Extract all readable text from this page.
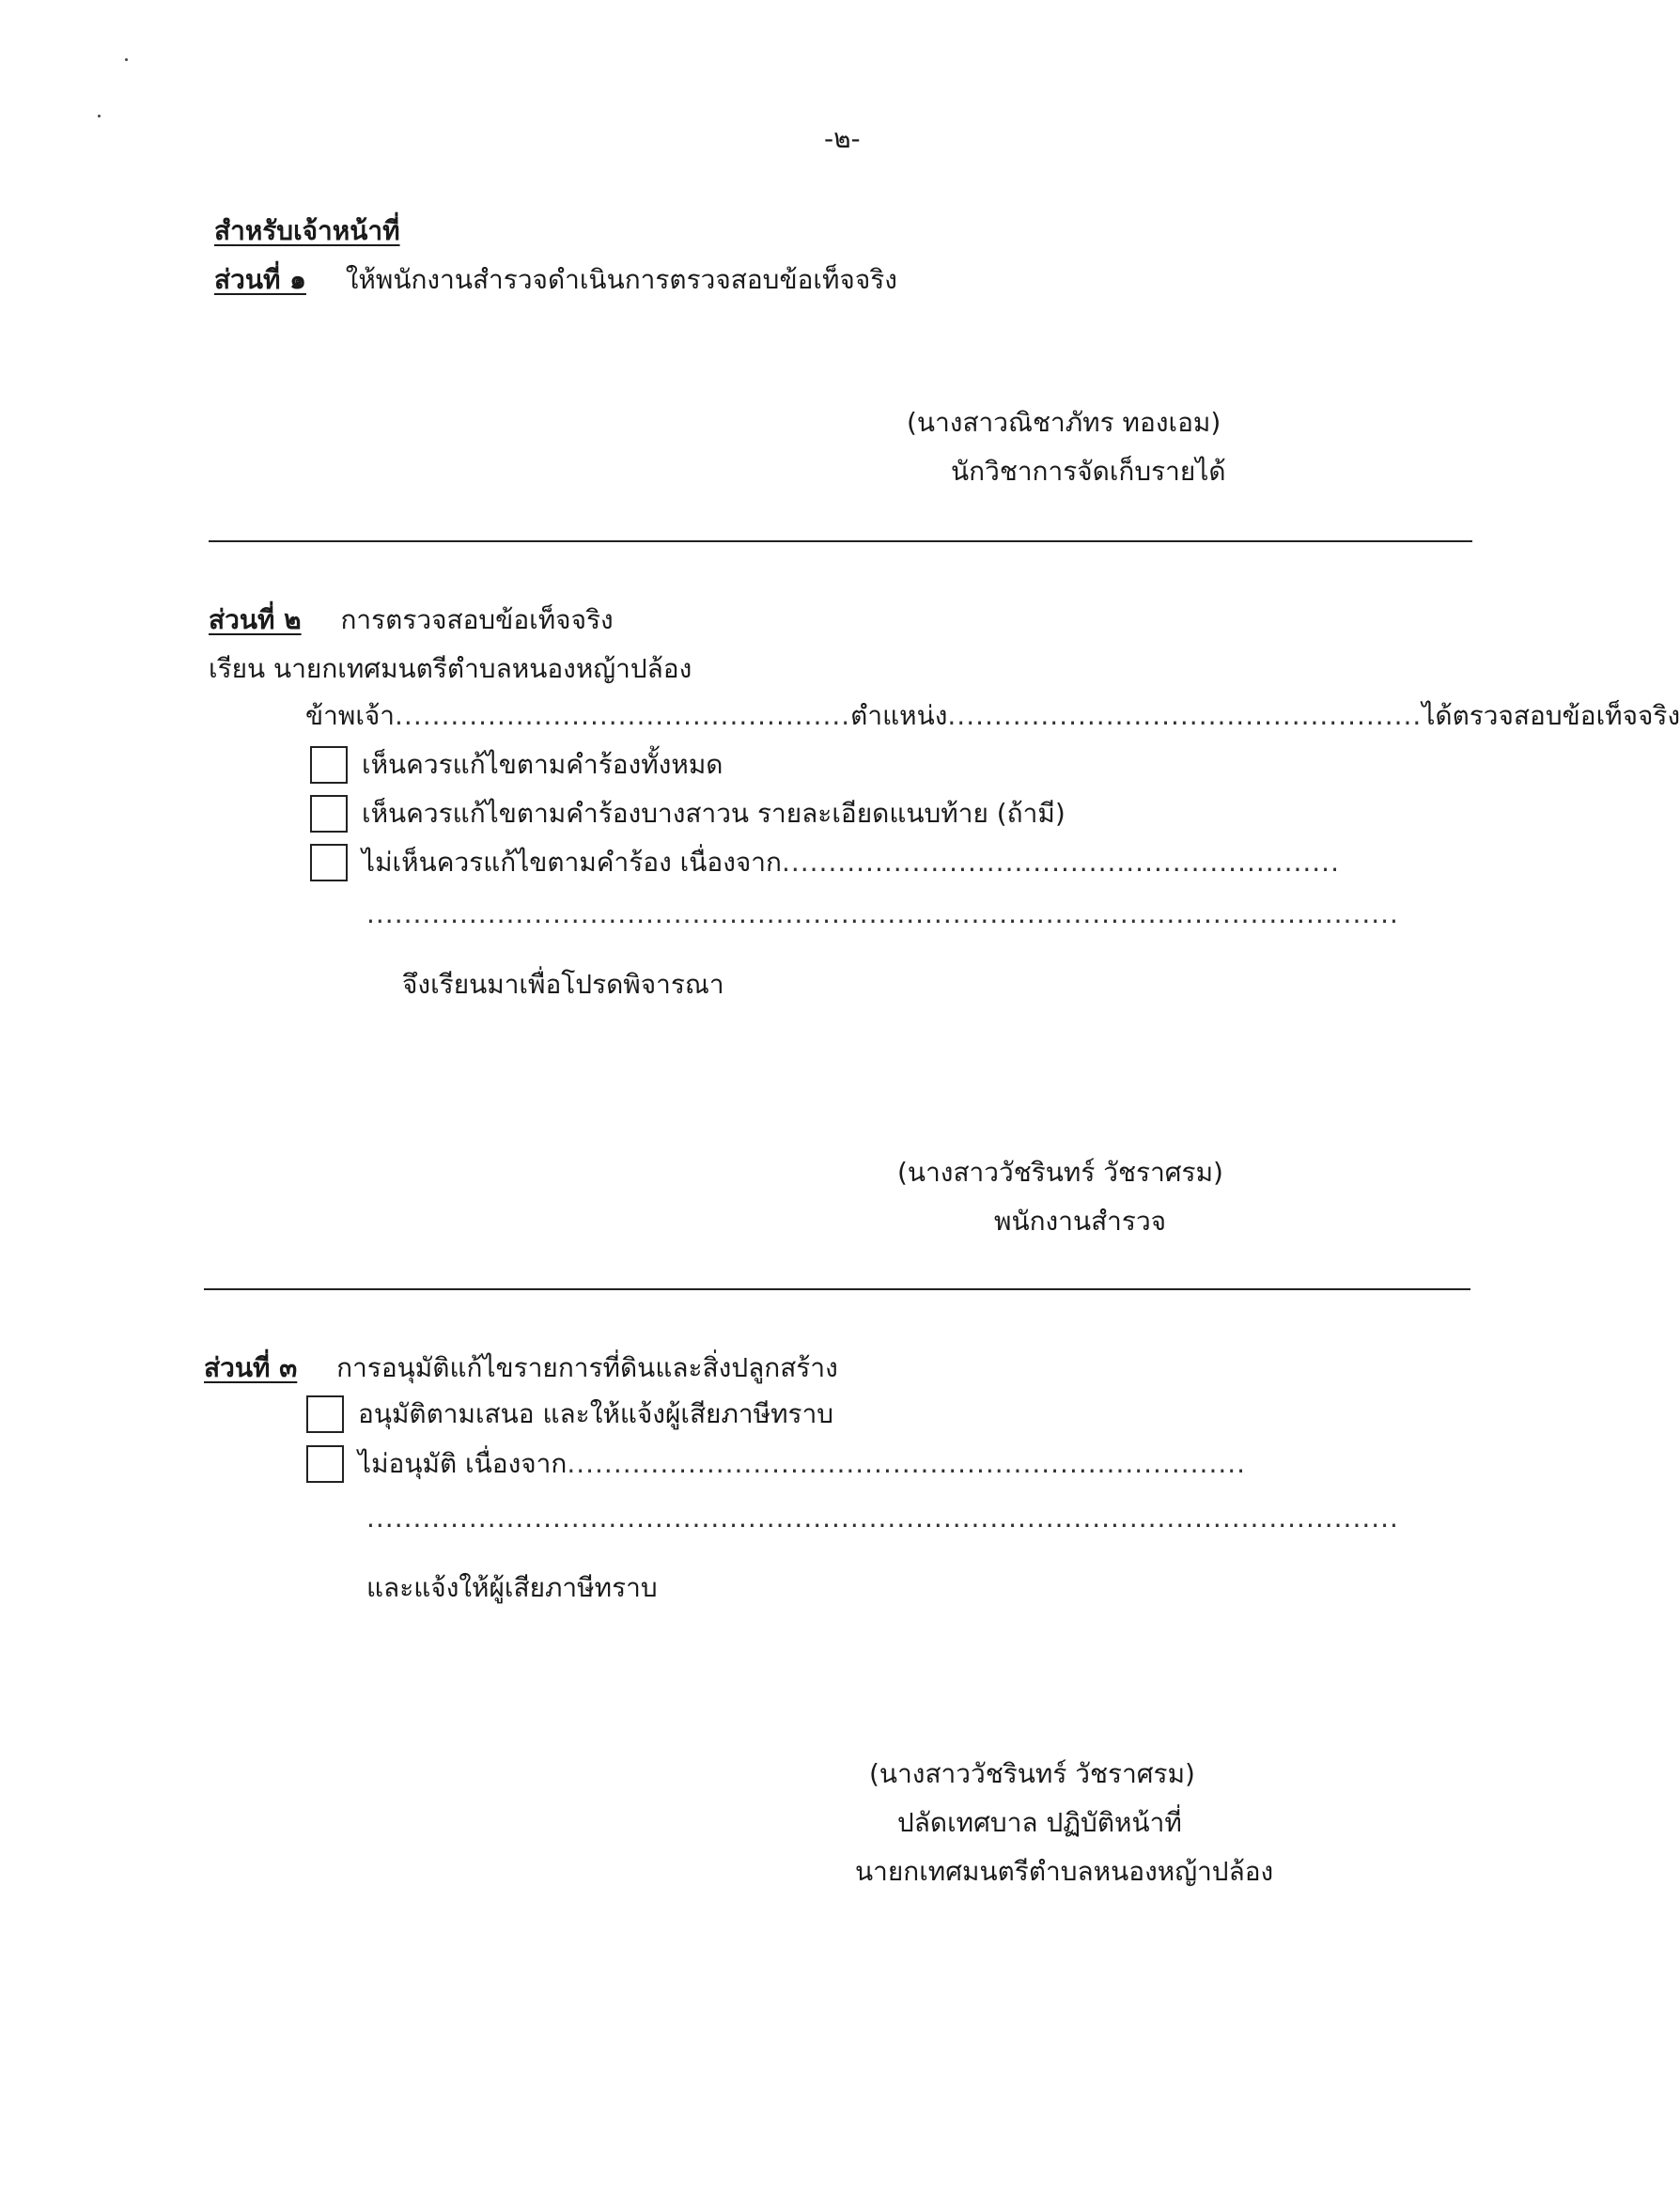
-๒-
สำหรับเจ้าหน้าที่
ส่วนที่ ๑ ให้พนักงานสำรวจดำเนินการตรวจสอบข้อเท็จจริง
(นางสาวณิชาภัทร ทองเอม)
นักวิชาการจัดเก็บรายได้
ส่วนที่ ๒ การตรวจสอบข้อเท็จจริง
เรียน นายกเทศมนตรีตำบลหนองหญ้าปล้อง
ข้าพเจ้า.................................................ตำแหน่ง...................................................ได้ตรวจสอบข้อเท็จจริง
เห็นควรแก้ไขตามคำร้องทั้งหมด
เห็นควรแก้ไขตามคำร้องบางสาวน รายละเอียดแนบท้าย (ถ้ามี)
ไม่เห็นควรแก้ไขตามคำร้อง เนื่องจาก............................................................
...............................................................................................................
จึงเรียนมาเพื่อโปรดพิจารณา
(นางสาววัชรินทร์ วัชราศรม)
พนักงานสำรวจ
ส่วนที่ ๓ การอนุมัติแก้ไขรายการที่ดินและสิ่งปลูกสร้าง
อนุมัติตามเสนอ และให้แจ้งผู้เสียภาษีทราบ
ไม่อนุมัติ เนื่องจาก.........................................................................
...............................................................................................................
และแจ้งให้ผู้เสียภาษีทราบ
(นางสาววัชรินทร์ วัชราศรม)
ปลัดเทศบาล ปฏิบัติหน้าที่
นายกเทศมนตรีตำบลหนองหญ้าปล้อง
